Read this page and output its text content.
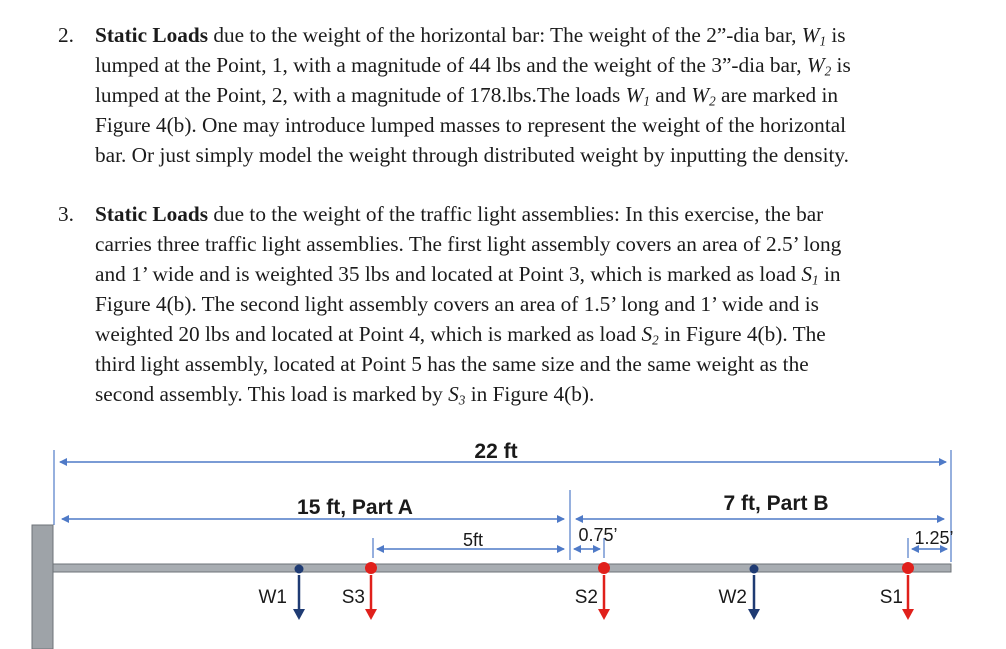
2. Static Loads due to the weight of the horizontal bar: The weight of the 2”-dia bar, $W_1$ is
lumped at the Point, 1, with a magnitude of 44 lbs and the weight of the 3”-dia bar, $W_2$ is
lumped at the Point, 2, with a magnitude of 178.lbs.The loads $W_1$ and $W_2$ are marked in
Figure 4(b). One may introduce lumped masses to represent the weight of the horizontal
bar. Or just simply model the weight through distributed weight by inputting the density.
3. Static Loads due to the weight of the traffic light assemblies: In this exercise, the bar
carries three traffic light assemblies. The first light assembly covers an area of 2.5’ long
and 1’ wide and is weighted 35 lbs and located at Point 3, which is marked as load $S_1$ in
Figure 4(b). The second light assembly covers an area of 1.5’ long and 1’ wide and is
weighted 20 lbs and located at Point 4, which is marked as load $S_2$ in Figure 4(b). The
third light assembly, located at Point 5 has the same size and the same weight as the
second assembly. This load is marked by $S_3$ in Figure 4(b).
22 ft
15 ft, Part A	7 ft, Part B
5ft	0.75’	1.25’
W1	S3	S2	W2	S1
